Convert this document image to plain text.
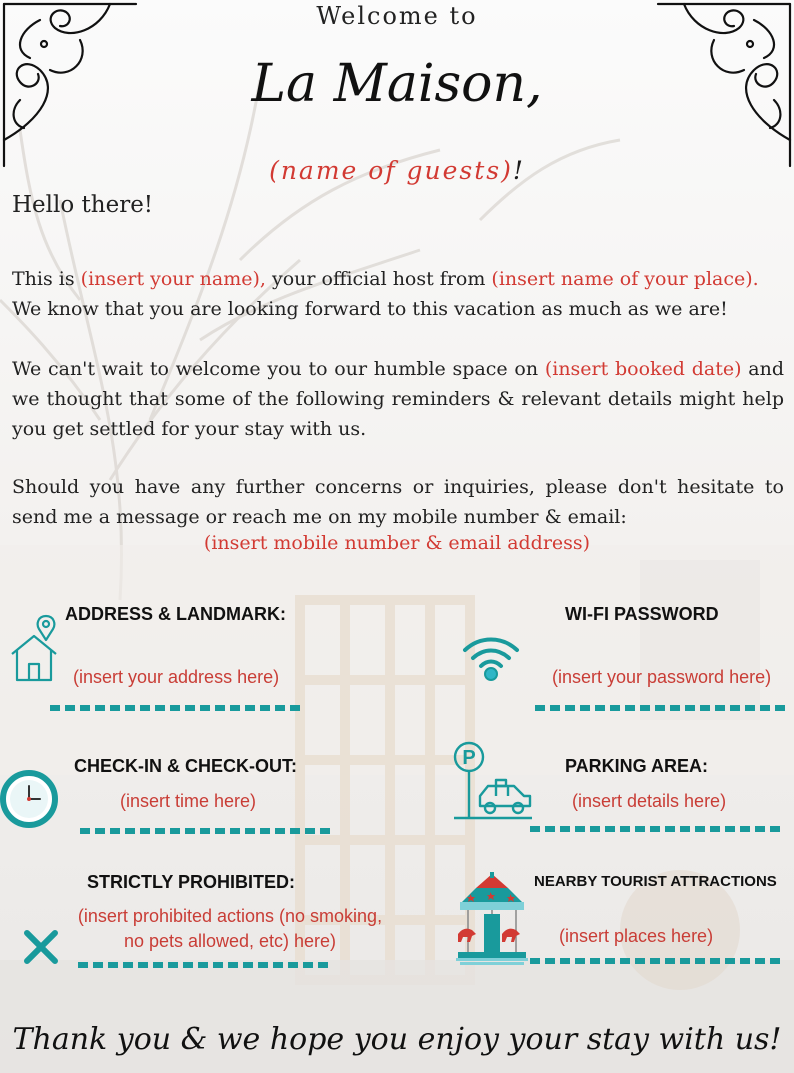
Welcome to
La Maison,
(name of guests)!
Hello there!
This is (insert your name), your official host from (insert name of your place).
We know that you are looking forward to this vacation as much as we are!
We can't wait to welcome you to our humble space on (insert booked date) and we thought that some of the following reminders & relevant details might help you get settled for your stay with us.
Should you have any further concerns or inquiries, please don't hesitate to send me a message or reach me on my mobile number & email:
(insert mobile number & email address)
ADDRESS & LANDMARK:
(insert your address here)
WI-FI PASSWORD
(insert your password here)
CHECK-IN & CHECK-OUT:
(insert time here)
P	PARKING AREA:
(insert details here)
STRICTLY PROHIBITED:
(insert prohibited actions (no smoking, no pets allowed, etc) here)
NEARBY TOURIST ATTRACTIONS
(insert places here)
Thank you & we hope you enjoy your stay with us!
